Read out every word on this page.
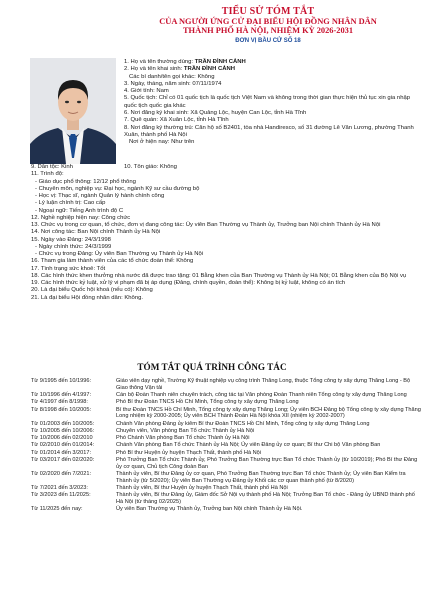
TIỂU SỬ TÓM TẮT
CỦA NGƯỜI ỨNG CỬ ĐẠI BIỂU HỘI ĐỒNG NHÂN DÂN
THÀNH PHỐ HÀ NỘI, NHIỆM KỲ 2026-2031
ĐƠN VỊ BẦU CỬ SỐ 18
1. Họ và tên thường dùng: TRẦN ĐÌNH CẢNH
2. Họ và tên khai sinh: TRẦN ĐÌNH CẢNH
Các bí danh/tên gọi khác: Không
3. Ngày, tháng, năm sinh: 07/11/1974
4. Giới tính: Nam
5. Quốc tịch: Chỉ có 01 quốc tịch là quốc tịch Việt Nam và không trong thời gian thực hiện thủ tục xin gia nhập quốc tịch quốc gia khác
6. Nơi đăng ký khai sinh: Xã Quảng Lộc, huyện Can Lộc, tỉnh Hà Tĩnh
7. Quê quán: Xã Xuân Lộc, tỉnh Hà Tĩnh
8. Nơi đăng ký thường trú: Căn hộ số B2401, tòa nhà Handiresco, số 31 đường Lê Văn Lương, phường Thanh Xuân, thành phố Hà Nội
Nơi ở hiện nay: Như trên
9. Dân tộc: Kinh	10. Tôn giáo: Không
11. Trình độ:
- Giáo dục phổ thông: 12/12 phổ thông
- Chuyên môn, nghiệp vụ: Đại học, ngành Kỹ sư cầu đường bộ
- Học vị: Thạc sĩ, ngành Quản lý hành chính công
- Lý luận chính trị: Cao cấp
- Ngoại ngữ: Tiếng Anh trình độ C
12. Nghề nghiệp hiện nay: Công chức
13. Chức vụ trong cơ quan, tổ chức, đơn vị đang công tác: Ủy viên Ban Thường vụ Thành ủy, Trưởng ban Nội chính Thành ủy Hà Nội
14. Nơi công tác: Ban Nội chính Thành ủy Hà Nội
15. Ngày vào Đảng: 24/3/1998
- Ngày chính thức: 24/3/1999
- Chức vụ trong Đảng: Ủy viên Ban Thường vụ Thành ủy Hà Nội
16. Tham gia làm thành viên của các tổ chức đoàn thể: Không
17. Tình trạng sức khoẻ: Tốt
18. Các hình thức khen thưởng nhà nước đã được trao tặng: 01 Bằng khen của Ban Thường vụ Thành ủy Hà Nội; 01 Bằng khen của Bộ Nội vụ
19. Các hình thức kỷ luật, xử lý vi phạm đã bị áp dụng (Đảng, chính quyền, đoàn thể): Không bị kỷ luật, không có án tích
20. Là đại biểu Quốc hội khoá (nếu có): Không
21. Là đại biểu Hội đồng nhân dân: Không.
TÓM TẮT QUÁ TRÌNH CÔNG TÁC
Từ 9/1995 đến 10/1996:	Giáo viên dạy nghề, Trường Kỹ thuật nghiệp vụ công trình Thăng Long, thuộc Tổng công ty xây dựng Thăng Long - Bộ Giao thông Vận tải
Từ 10/1996 đến 4/1997:	Cán bộ Đoàn Thanh niên chuyên trách, công tác tại Văn phòng Đoàn Thanh niên Tổng công ty xây dựng Thăng Long
Từ 4/1997 đến 8/1998:	Phó Bí thư Đoàn TNCS Hồ Chí Minh, Tổng công ty xây dựng Thăng Long
Từ 8/1998 đến 10/2005:	Bí thư Đoàn TNCS Hồ Chí Minh, Tổng công ty xây dựng Thăng Long; Ủy viên BCH Đảng bộ Tổng công ty xây dựng Thăng Long nhiệm kỳ 2000-2005; Ủy viên BCH Thành Đoàn Hà Nội khóa XII (nhiệm kỳ 2002-2007)
Từ 01/2003 đến 10/2005:	Chánh Văn phòng Đảng ủy kiêm Bí thư Đoàn TNCS Hồ Chí Minh, Tổng công ty xây dựng Thăng Long
Từ 10/2005 đến 10/2006:	Chuyên viên, Văn phòng Ban Tổ chức Thành ủy Hà Nội
Từ 10/2006 đến 02/2010	Phó Chánh Văn phòng Ban Tổ chức Thành ủy Hà Nội
Từ 02/2010 đến 01/2014:	Chánh Văn phòng Ban Tổ chức Thành ủy Hà Nội; Ủy viên Đảng ủy cơ quan; Bí thư Chi bộ Văn phòng Ban
Từ 01/2014 đến 3/2017:	Phó Bí thư Huyện ủy huyện Thạch Thất, thành phố Hà Nội
Từ 03/2017 đến 02/2020:	Phó Trưởng Ban Tổ chức Thành ủy, Phó Trưởng Ban Thường trực Ban Tổ chức Thành ủy (từ 10/2019); Phó Bí thư Đảng ủy cơ quan, Chủ tịch Công đoàn Ban
Từ 02/2020 đến 7/2021:	Thành ủy viên, Bí thư Đảng ủy cơ quan, Phó Trưởng Ban Thường trực Ban Tổ chức Thành ủy; Ủy viên Ban Kiểm tra Thành ủy (từ 5/2020); Ủy viên Ban Thường vụ Đảng ủy Khối các cơ quan thành phố (từ 8/2020)
Từ 7/2021 đến 3/2023:	Thành ủy viên, Bí thư Huyện ủy huyện Thạch Thất, thành phố Hà Nội
Từ 3/2023 đến 11/2025:	Thành ủy viên, Bí thư Đảng ủy, Giám đốc Sở Nội vụ thành phố Hà Nội; Trưởng Ban Tổ chức - Đảng ủy UBND thành phố Hà Nội (từ tháng 02/2025)
Từ 11/2025 đến nay:	Ủy viên Ban Thường vụ Thành ủy, Trưởng ban Nội chính Thành ủy Hà Nội.
